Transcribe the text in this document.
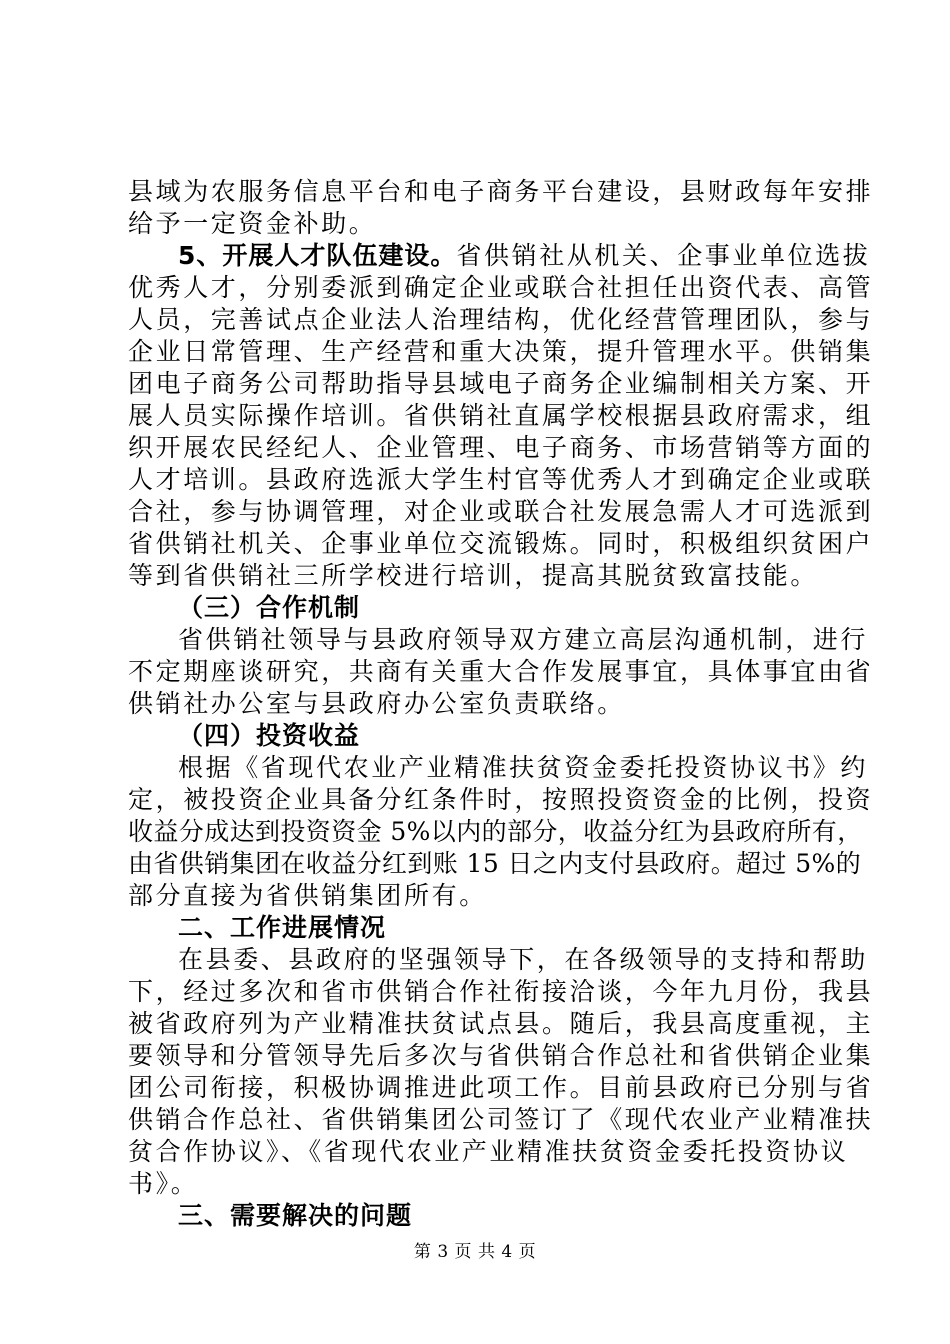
县域为农服务信息平台和电子商务平台建设，县财政每年安排
给予一定资金补助。
5、开展人才队伍建设。省供销社从机关、企事业单位选拔
优秀人才，分别委派到确定企业或联合社担任出资代表、高管
人员，完善试点企业法人治理结构，优化经营管理团队，参与
企业日常管理、生产经营和重大决策，提升管理水平。供销集
团电子商务公司帮助指导县域电子商务企业编制相关方案、开
展人员实际操作培训。省供销社直属学校根据县政府需求，组
织开展农民经纪人、企业管理、电子商务、市场营销等方面的
人才培训。县政府选派大学生村官等优秀人才到确定企业或联
合社，参与协调管理，对企业或联合社发展急需人才可选派到
省供销社机关、企事业单位交流锻炼。同时，积极组织贫困户
等到省供销社三所学校进行培训，提高其脱贫致富技能。
（三）合作机制
省供销社领导与县政府领导双方建立高层沟通机制，进行
不定期座谈研究，共商有关重大合作发展事宜，具体事宜由省
供销社办公室与县政府办公室负责联络。
（四）投资收益
根据《省现代农业产业精准扶贫资金委托投资协议书》约
定，被投资企业具备分红条件时，按照投资资金的比例，投资
收益分成达到投资资金 5%以内的部分，收益分红为县政府所有，
由省供销集团在收益分红到账 15 日之内支付县政府。超过 5%的
部分直接为省供销集团所有。
二、工作进展情况
在县委、县政府的坚强领导下，在各级领导的支持和帮助
下，经过多次和省市供销合作社衔接洽谈，今年九月份，我县
被省政府列为产业精准扶贫试点县。随后，我县高度重视，主
要领导和分管领导先后多次与省供销合作总社和省供销企业集
团公司衔接，积极协调推进此项工作。目前县政府已分别与省
供销合作总社、省供销集团公司签订了《现代农业产业精准扶
贫合作协议》、《省现代农业产业精准扶贫资金委托投资协议
书》。
三、需要解决的问题
第 3 页 共 4 页
